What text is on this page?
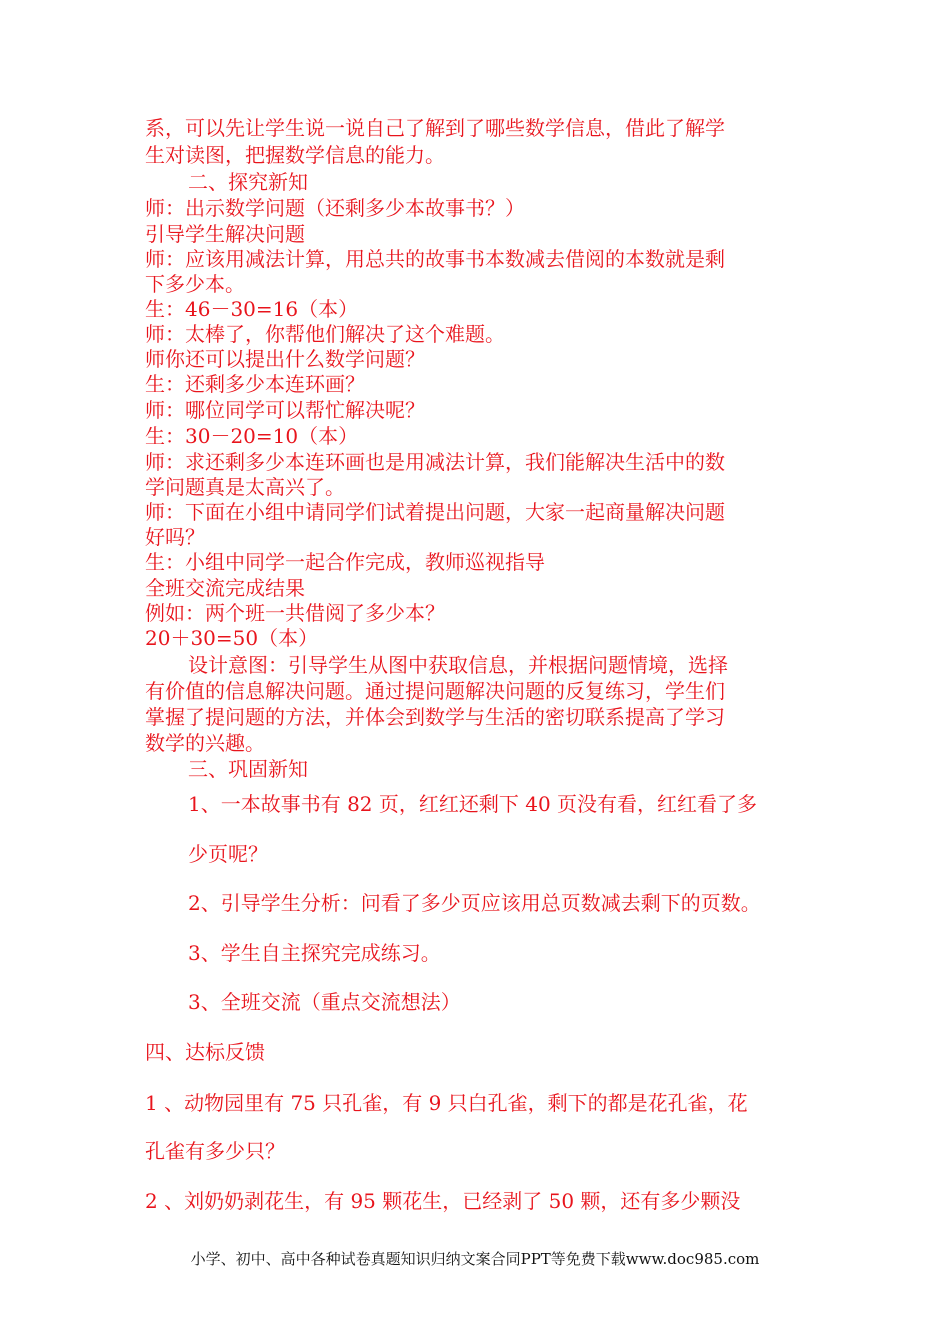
系，可以先让学生说一说自己了解到了哪些数学信息，借此了解学
生对读图，把握数学信息的能力。
二、探究新知
师：出示数学问题（还剩多少本故事书？）
引导学生解决问题
师：应该用减法计算，用总共的故事书本数减去借阅的本数就是剩
下多少本。
生：46－30=16（本）
师：太棒了，你帮他们解决了这个难题。
师你还可以提出什么数学问题？
生：还剩多少本连环画？
师：哪位同学可以帮忙解决呢？
生：30－20=10（本）
师：求还剩多少本连环画也是用减法计算，我们能解决生活中的数
学问题真是太高兴了。
师：下面在小组中请同学们试着提出问题，大家一起商量解决问题
好吗？
生：小组中同学一起合作完成，教师巡视指导
全班交流完成结果
例如：两个班一共借阅了多少本？
20＋30=50（本）
设计意图：引导学生从图中获取信息，并根据问题情境，选择
有价值的信息解决问题。通过提问题解决问题的反复练习，学生们
掌握了提问题的方法，并体会到数学与生活的密切联系提高了学习
数学的兴趣。
三、巩固新知
1、一本故事书有 82 页，红红还剩下 40 页没有看，红红看了多
少页呢？
2、引导学生分析：问看了多少页应该用总页数减去剩下的页数。
3、学生自主探究完成练习。
3、全班交流（重点交流想法）
四、达标反馈
1 、动物园里有 75 只孔雀，有 9 只白孔雀，剩下的都是花孔雀，花
孔雀有多少只？
2 、刘奶奶剥花生，有 95 颗花生，已经剥了 50 颗，还有多少颗没
小学、初中、高中各种试卷真题知识归纳文案合同PPT等免费下载www.doc985.com
